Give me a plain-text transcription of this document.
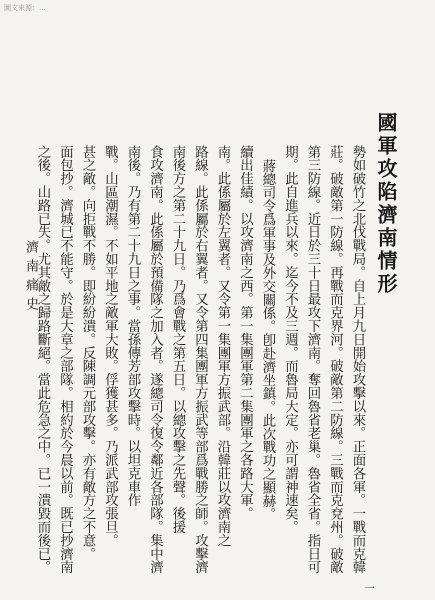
圖文來源：...
國軍攻陷濟南情形
勢如破竹之北伐戰局。自上月九日開始攻擊以來。正面各軍。一戰而克韓
莊。破敵第一防線。再戰而克界河。破敵第二防線。三戰而克兗州。破敵
第三防線。近日於三十日最攻下濟南。奪回魯省老巢。魯省全省。指日可
期。此自進兵以來。迄今不及三週。而魯局大定。亦可謂神速矣。
蔣總司令爲軍事及外交關係。卽赴濟坐鎮。此次戰功之顯赫。
續出佳績。以攻濟南之西。第一集團軍第二集團軍之各路大軍。
南。此係屬於左翼者。又令第一集團軍方振武部。沿韓莊以攻濟南之
路線。此係屬於右翼者。又令第四集團軍方振武等部爲戰勝之師。攻擊濟
南後方之第二十九日。乃爲會戰之第五日。以總攻擊之先聲。後援
食攻濟南。此係屬於預備隊之加入者。遂總司令復令鄰近各部隊。集中濟
南後。乃有第二十九日之事。當孫傳芳部攻擊時。以坦克車作
戰。山區潮濕。不如平地之敵軍大敗。俘獲甚多。乃派武部攻張旦。
甚之敵。向拒戰不勝。即紛紛潰。反陳調元部攻擊。亦有敵方之不意。
面包抄。濟城已不能守。於是大章之部隊。相約於今晨以前。既已抄濟南
之後。山路已失。尤其敵之歸路斷絕。當此危急之中。已一潰毀而後已。
濟南痛史
一
